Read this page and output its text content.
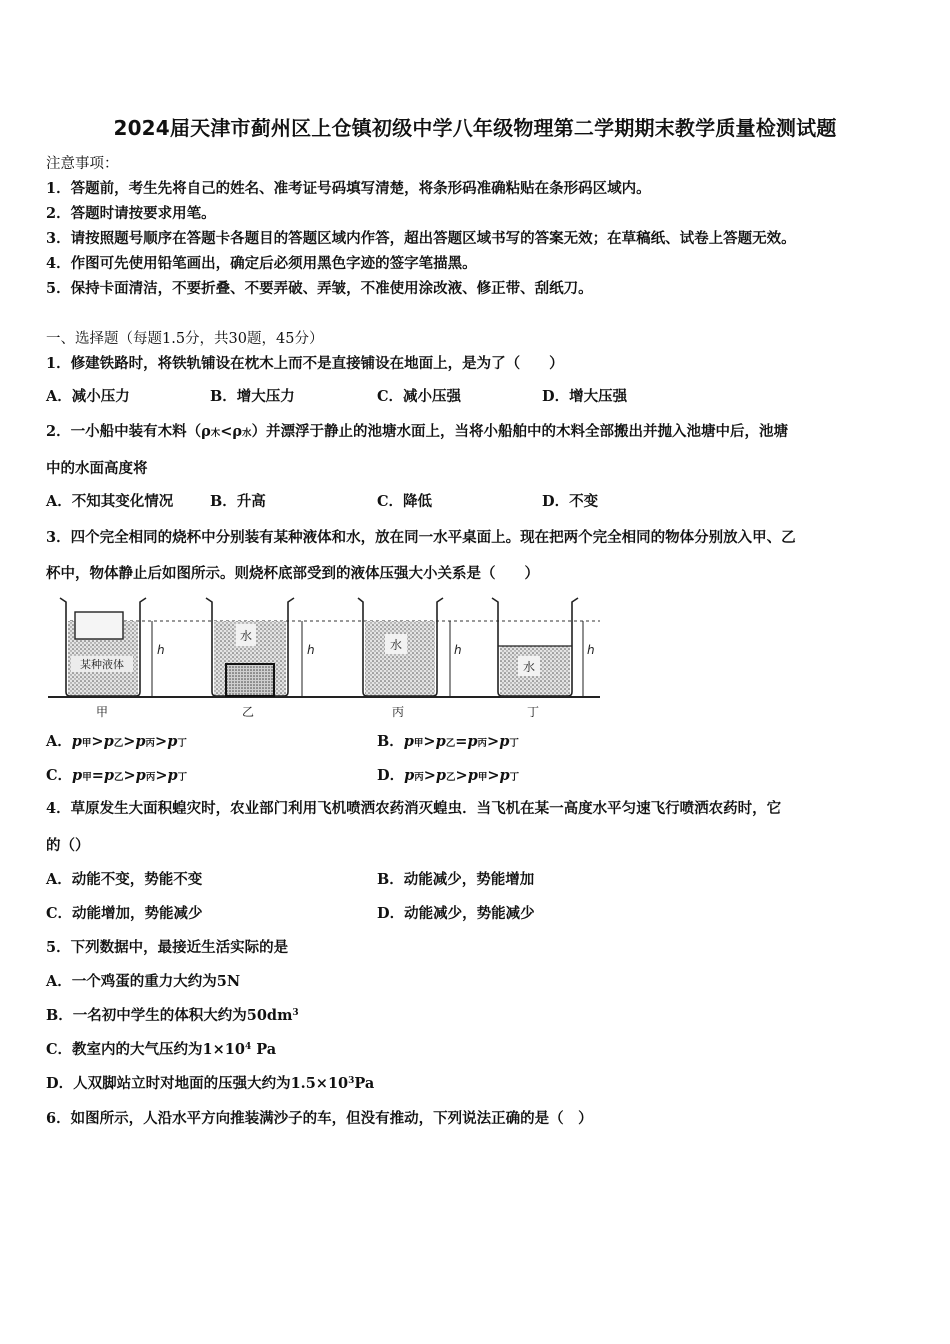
2024届天津市蓟州区上仓镇初级中学八年级物理第二学期期末教学质量检测试题
注意事项：
1．答题前，考生先将自己的姓名、准考证号码填写清楚，将条形码准确粘贴在条形码区域内。
2．答题时请按要求用笔。
3．请按照题号顺序在答题卡各题目的答题区域内作答，超出答题区域书写的答案无效；在草稿纸、试卷上答题无效。
4．作图可先使用铅笔画出，确定后必须用黑色字迹的签字笔描黑。
5．保持卡面清洁，不要折叠、不要弄破、弄皱，不准使用涂改液、修正带、刮纸刀。
一、选择题（每题1.5分，共30题，45分）
1．修建铁路时，将铁轨铺设在枕木上而不是直接铺设在地面上，是为了（　　）
A．减小压力	B．增大压力	C．减小压强	D．增大压强
2．一小船中装有木料（ρ木<ρ水）并漂浮于静止的池塘水面上，当将小船舶中的木料全部搬出并抛入池塘中后，池塘
中的水面高度将
A．不知其变化情况	B．升高	C．降低	D．不变
3．四个完全相同的烧杯中分别装有某种液体和水，放在同一水平桌面上。现在把两个完全相同的物体分别放入甲、乙
杯中，物体静止后如图所示。则烧杯底部受到的液体压强大小关系是（　　）
某种液体
h
水
h	水	h
水
h
甲	乙	丙	丁
A．p甲>p乙>p丙>p丁	B．p甲>p乙=p丙>p丁
C．p甲=p乙>p丙>p丁	D．p丙>p乙>p甲>p丁
4．草原发生大面积蝗灾时，农业部门利用飞机喷洒农药消灭蝗虫．当飞机在某一高度水平匀速飞行喷洒农药时，它
的（）
A．动能不变，势能不变	B．动能减少，势能增加
C．动能增加，势能减少	D．动能减少，势能减少
5．下列数据中，最接近生活实际的是
A．一个鸡蛋的重力大约为5N
B．一名初中学生的体积大约为$50dm^3$
C．教室内的大气压约为$1\times 10^4$ Pa
D．人双脚站立时对地面的压强大约为$1.5\times 10^3Pa$
6．如图所示，人沿水平方向推装满沙子的车，但没有推动，下列说法正确的是（　）
